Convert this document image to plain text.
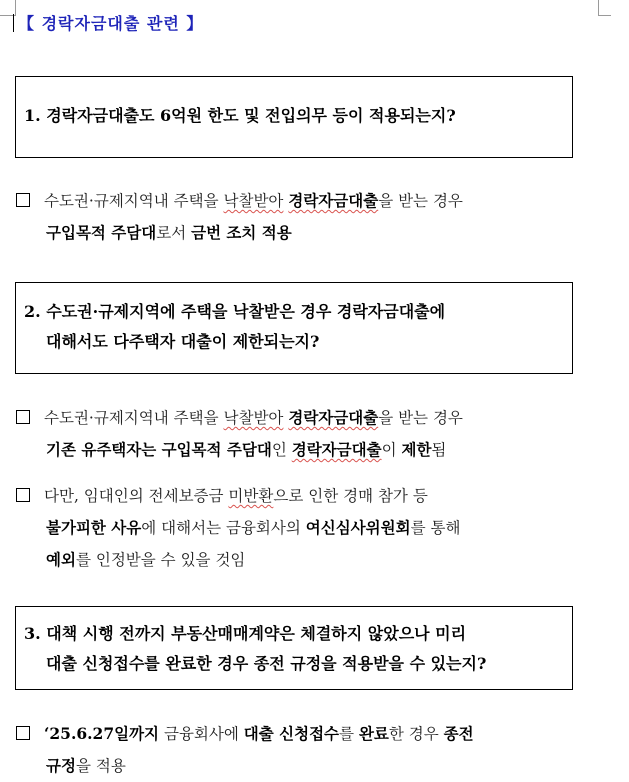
【 경락자금대출 관련 】

1. 경락자금대출도 6억원 한도 및 전입의무 등이 적용되는지?

수도권·규제지역내 주택을 낙찰받아 경락자금대출을 받는 경우

구입목적 주담대로서 금번 조치 적용

2. 수도권·규제지역에 주택을 낙찰받은 경우 경락자금대출에

대해서도 다주택자 대출이 제한되는지?

수도권·규제지역내 주택을 낙찰받아 경락자금대출을 받는 경우

기존 유주택자는 구입목적 주담대인 경락자금대출이 제한됨

다만, 임대인의 전세보증금 미반환으로 인한 경매 참가 등

불가피한 사유에 대해서는 금융회사의 여신심사위원회를 통해

예외를 인정받을 수 있을 것임

3. 대책 시행 전까지 부동산매매계약은 체결하지 않았으나 미리

대출 신청접수를 완료한 경우 종전 규정을 적용받을 수 있는지?

‘25.6.27일까지 금융회사에 대출 신청접수를 완료한 경우 종전

규정을 적용
